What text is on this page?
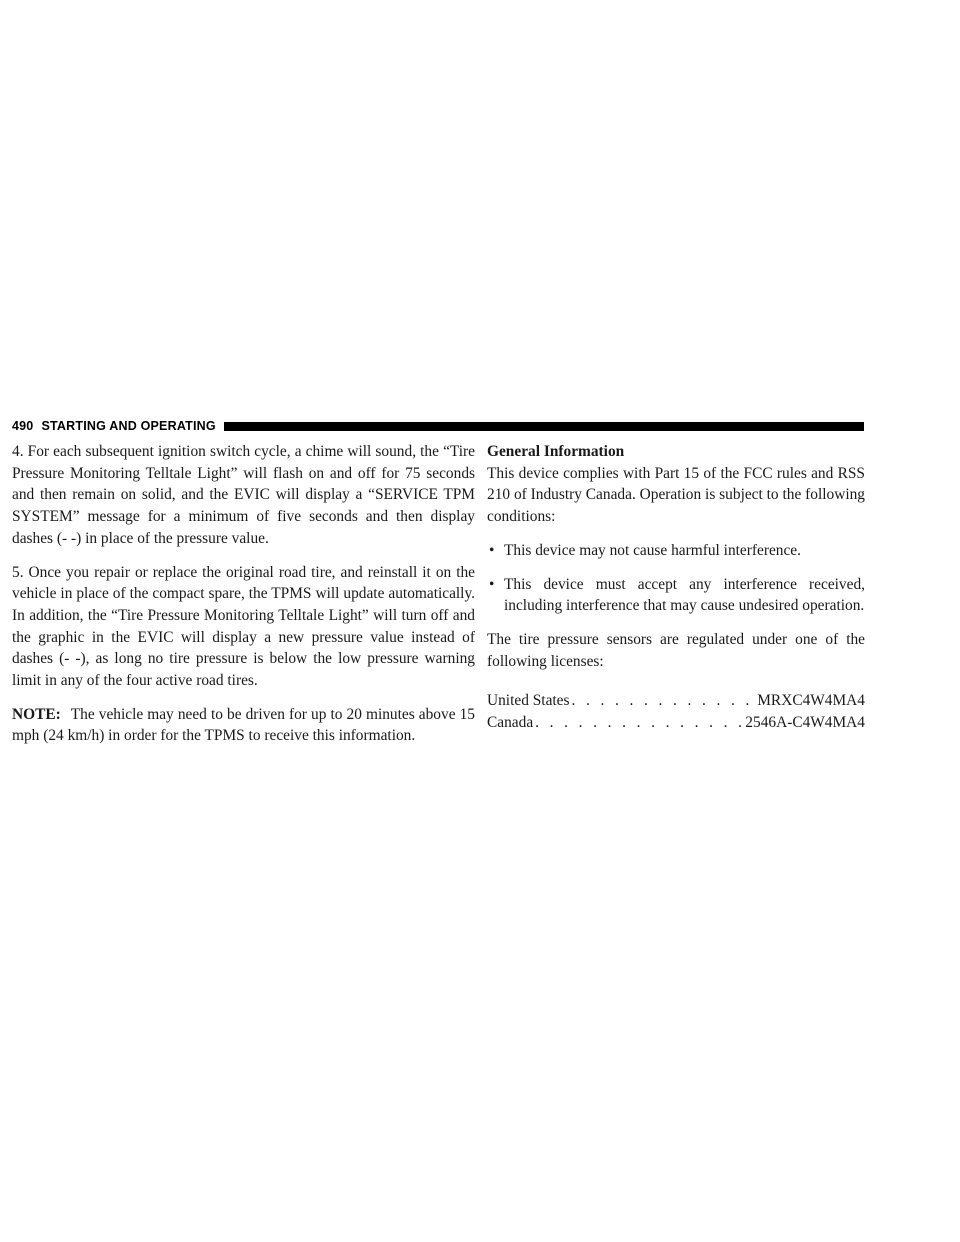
490 STARTING AND OPERATING

4. For each subsequent ignition switch cycle, a chime will sound, the “Tire Pressure Monitoring Telltale Light” will flash on and off for 75 seconds and then remain on solid, and the EVIC will display a “SERVICE TPM SYSTEM” message for a minimum of five seconds and then display dashes (- -) in place of the pressure value.

5. Once you repair or replace the original road tire, and reinstall it on the vehicle in place of the compact spare, the TPMS will update automatically. In addition, the “Tire Pressure Monitoring Telltale Light” will turn off and the graphic in the EVIC will display a new pressure value instead of dashes (- -), as long no tire pressure is below the low pressure warning limit in any of the four active road tires.

NOTE: The vehicle may need to be driven for up to 20 minutes above 15 mph (24 km/h) in order for the TPMS to receive this information.

General Information

This device complies with Part 15 of the FCC rules and RSS 210 of Industry Canada. Operation is subject to the following conditions:

• This device may not cause harmful interference.
• This device must accept any interference received, including interference that may cause undesired operation.

The tire pressure sensors are regulated under one of the following licenses:

United States . . .	MRXC4W4MA4
Canada . . .	2546A-C4W4MA4
